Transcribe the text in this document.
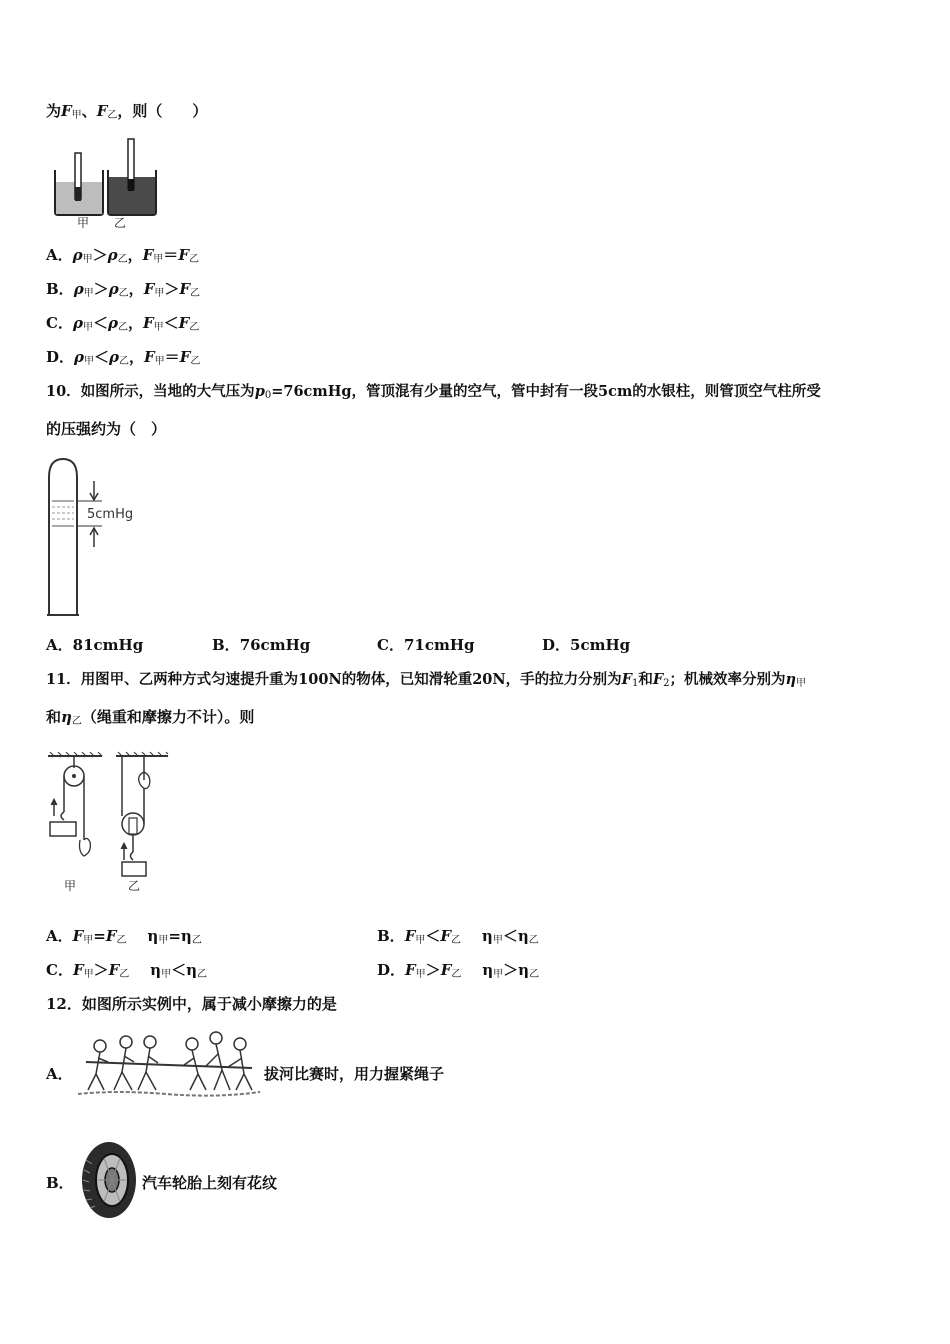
为$F_甲$、$F_乙$，则（　　）
甲 乙
A．$\rho_甲>\rho_乙$，$F_甲=F_乙$
B．$\rho_甲>\rho_乙$，$F_甲>F_乙$
C．$\rho_甲<\rho_乙$，$F_甲<F_乙$
D．$\rho_甲<\rho_乙$，$F_甲=F_乙$
10．如图所示，当地的大气压为$p_0=76cmHg$，管顶混有少量的空气，管中封有一段5cm的水银柱，则管顶空气柱所受
的压强约为（　）
5cmHg
A．81cmHg	B．76cmHg	C．71cmHg	D．5cmHg
11．用图甲、乙两种方式匀速提升重为100N的物体，已知滑轮重20N，手的拉力分别为$F_1$和$F_2$；机械效率分别为$\eta_甲$
和$\eta_乙$（绳重和摩擦力不计）。则
甲	乙
A．$F_甲=F_乙$ $\eta_甲=\eta_乙$	B．$F_甲<F_乙$ $\eta_甲<\eta_乙$
C．$F_甲>F_乙$ $\eta_甲<\eta_乙$	D．$F_甲>F_乙$ $\eta_甲>\eta_乙$
12．如图所示实例中，属于减小摩擦力的是
A．	拔河比赛时，用力握紧绳子
B．	汽车轮胎上刻有花纹
